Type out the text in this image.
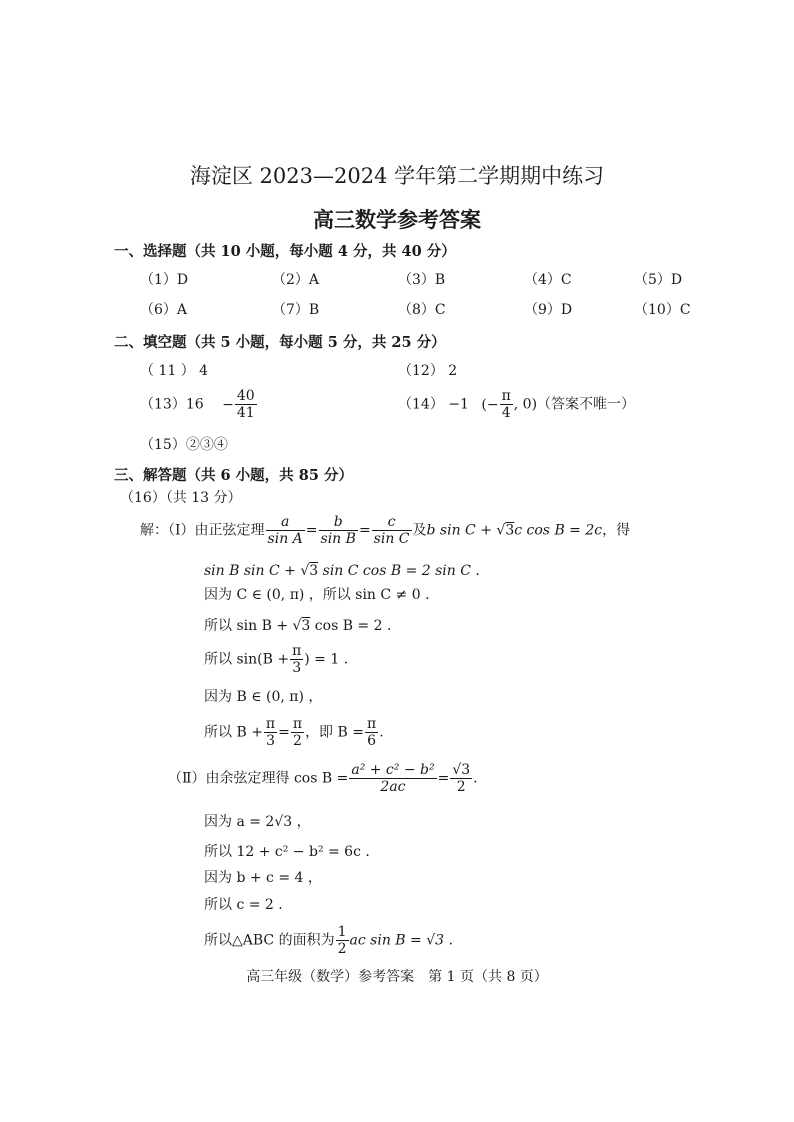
海淀区 2023—2024 学年第二学期期中练习
高三数学参考答案
一、选择题（共 10 小题，每小题 4 分，共 40 分）
（1）D	（2）A	（3）B	（4）C	（5）D
（6）A	（7）B	（8）C	（9）D	（10）C
二、填空题（共 5 小题，每小题 5 分，共 25 分）
（ 11 ） 4	（12） 2
$(13)16 - \frac{40}{41}$	（14） −1 (− $\frac{\pi}{4}$ , 0)（答案不唯一）
（15）②③④
三、解答题（共 6 小题，共 85 分）
（16）（共 13 分）
解：（Ⅰ）由正弦定理 $\frac{a}{\text{sin A}} = \frac{b}{\text{sin B}} = \frac{c}{\text{sin C}}$ 及b sin C + √3c cos B = 2c，得
sin B sin C + √3 sin C cos B = 2 sin C .
因为 C ∈ (0, π) ，所以 sin C ≠ 0 .
所以 sin B + √3 cos B = 2 .
所以 $\sin(B + \frac{\pi}{3}$ ) = 1 .
因为 B ∈ (0, π) ，
所以 $B + \frac{\pi}{3} = \frac{\pi}{2}$ ，即 $B = \frac{\pi}{6}$ .
（Ⅱ）由余弦定理得 $\cos B = \frac{\text{a² + c² − b²}}{2ac} = \frac{√3}{2}$ .
因为 a = 2√3 ，
所以 12 + c² − b² = 6c .
因为 b + c = 4 ，
所以 c = 2 .
所以△ABC 的面积为 $\frac{1}{2}$ ac sin B = √3 .
高三年级（数学）参考答案　第 1 页（共 8 页）
